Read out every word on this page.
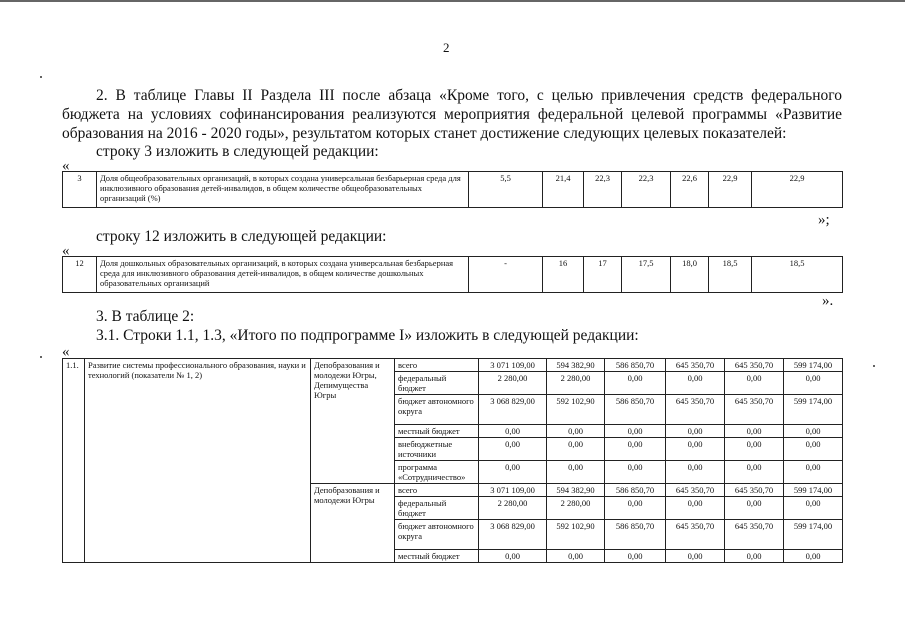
2
2. В таблице Главы II Раздела III после абзаца «Кроме того, с целью привлечения средств федерального бюджета на условиях софинансирования реализуются мероприятия федеральной целевой программы «Развитие образования на 2016 - 2020 годы», результатом которых станет достижение следующих целевых показателей:
строку 3 изложить в следующей редакции:
«
3	Доля общеобразовательных организаций, в которых создана универсальная безбарьерная среда для инклюзивного образования детей-инвалидов, в общем количестве общеобразовательных организаций (%)	5,5	21,4	22,3	22,3	22,6	22,9	22,9
»;
строку 12 изложить в следующей редакции:
«
12	Доля дошкольных образовательных организаций, в которых создана универсальная безбарьерная среда для инклюзивного образования детей-инвалидов, в общем количестве дошкольных образовательных организаций	-	16	17	17,5	18,0	18,5	18,5
».
3. В таблице 2:
3.1. Строки 1.1, 1.3, «Итого по подпрограмме I» изложить в следующей редакции:
«
1.1.	Развитие системы профессионального образования, науки и технологий (показатели № 1, 2)	Депобразования и молодежи Югры, Депимущества Югры	всего	3 071 109,00	594 382,90	586 850,70	645 350,70	645 350,70	599 174,00
			федеральный бюджет	2 280,00	2 280,00	0,00	0,00	0,00	0,00
			бюджет автономного округа	3 068 829,00	592 102,90	586 850,70	645 350,70	645 350,70	599 174,00
			местный бюджет	0,00	0,00	0,00	0,00	0,00	0,00
			внебюджетные источники	0,00	0,00	0,00	0,00	0,00	0,00
			программа «Сотрудничество»	0,00	0,00	0,00	0,00	0,00	0,00
		Депобразования и молодежи Югры	всего	3 071 109,00	594 382,90	586 850,70	645 350,70	645 350,70	599 174,00
			федеральный бюджет	2 280,00	2 280,00	0,00	0,00	0,00	0,00
			бюджет автономного округа	3 068 829,00	592 102,90	586 850,70	645 350,70	645 350,70	599 174,00
			местный бюджет	0,00	0,00	0,00	0,00	0,00	0,00
